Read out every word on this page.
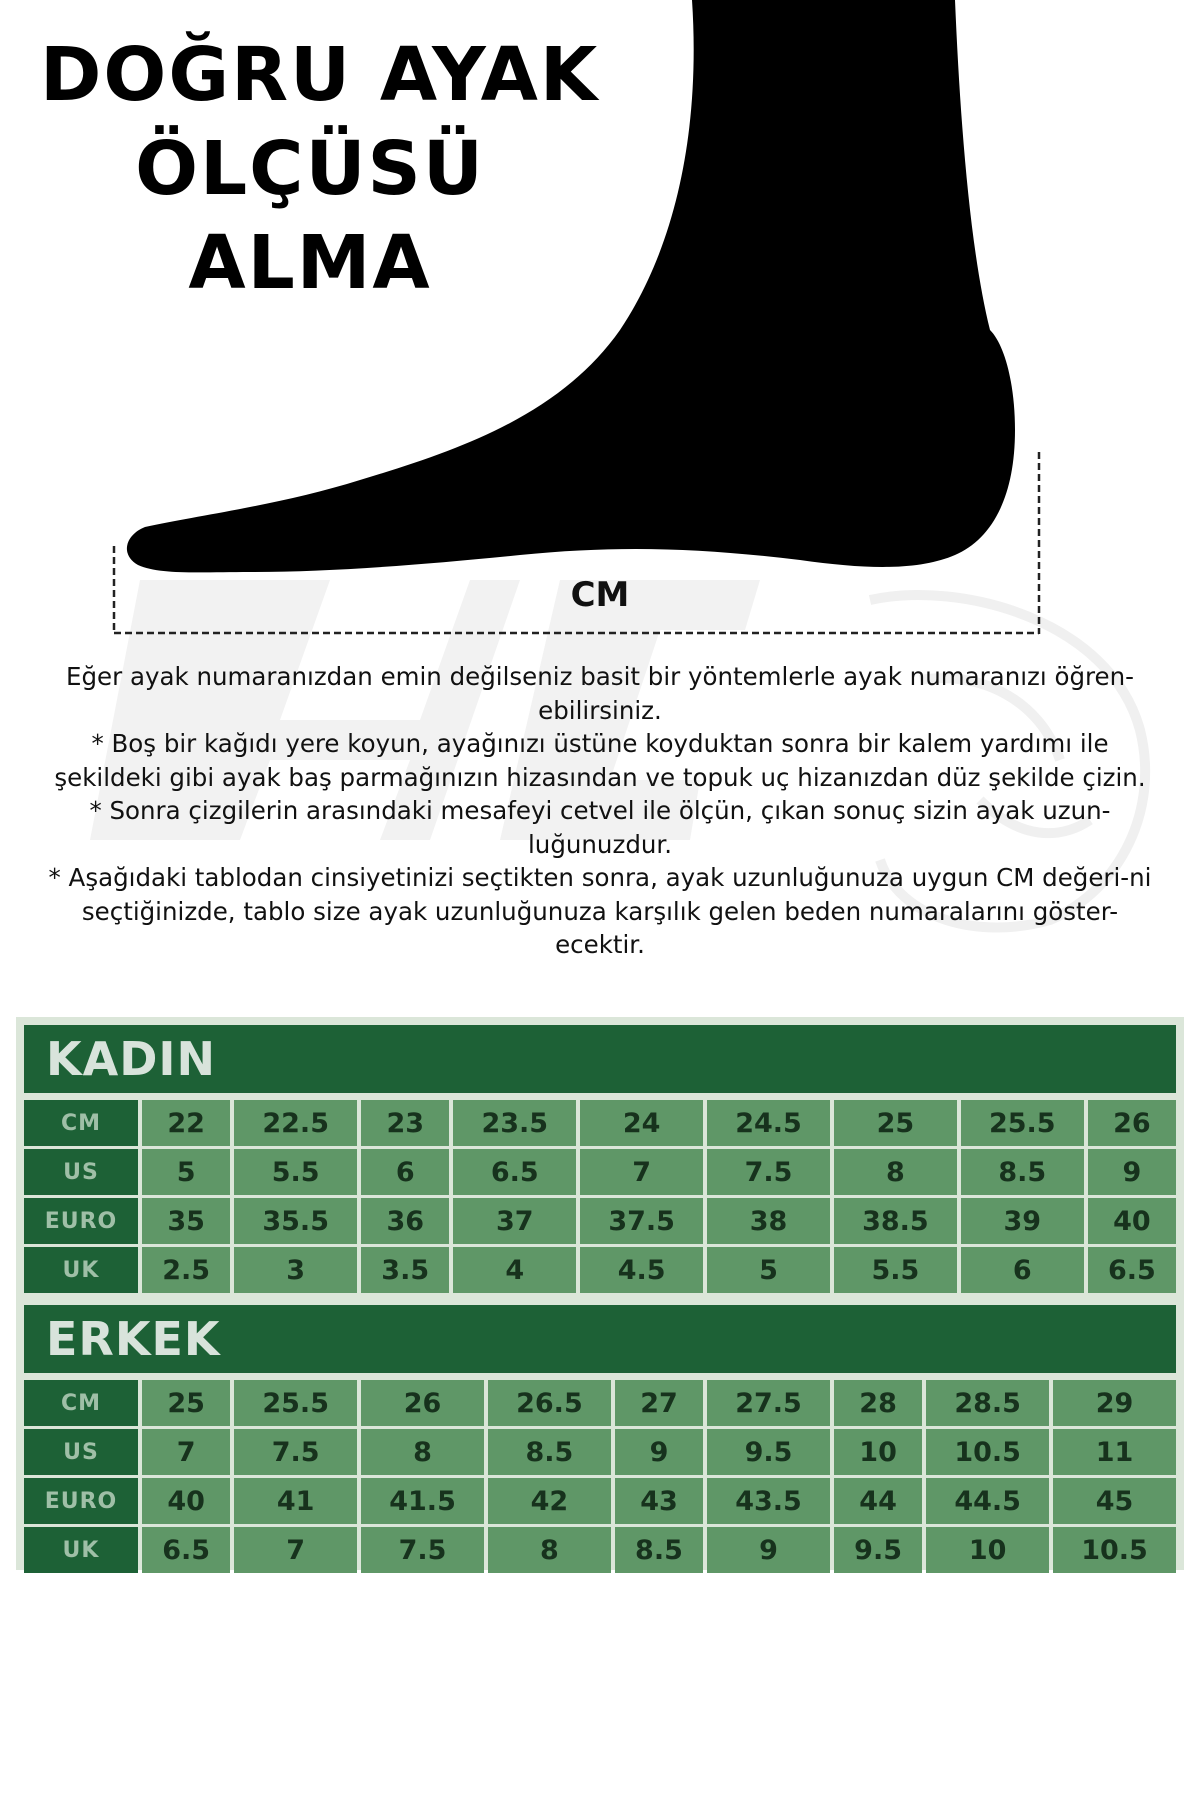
DOĞRU AYAK
ÖLÇÜSÜ
ALMA
CM

Eğer ayak numaranızdan emin değilseniz basit bir yöntemlerle ayak numaranızı öğren-ebilirsiniz.

* Boş bir kağıdı yere koyun, ayağınızı üstüne koyduktan sonra bir kalem yardımı ile şekildeki gibi ayak baş parmağınızın hizasından ve topuk uç hizanızdan düz şekilde çizin.

* Sonra çizgilerin arasındaki mesafeyi cetvel ile ölçün, çıkan sonuç sizin ayak uzun-luğunuzdur.

* Aşağıdaki tablodan cinsiyetinizi seçtikten sonra, ayak uzunluğunuza uygun CM değeri-ni seçtiğinizde, tablo size ayak uzunluğunuza karşılık gelen beden numaralarını göster-ecektir.

KADIN
CM	22	22.5	23	23.5	24	24.5	25	25.5	26
US	5	5.5	6	6.5	7	7.5	8	8.5	9
EURO	35	35.5	36	37	37.5	38	38.5	39	40
UK	2.5	3	3.5	4	4.5	5	5.5	6	6.5
ERKEK
CM	25	25.5	26	26.5	27	27.5	28	28.5	29
US	7	7.5	8	8.5	9	9.5	10	10.5	11
EURO	40	41	41.5	42	43	43.5	44	44.5	45
UK	6.5	7	7.5	8	8.5	9	9.5	10	10.5
